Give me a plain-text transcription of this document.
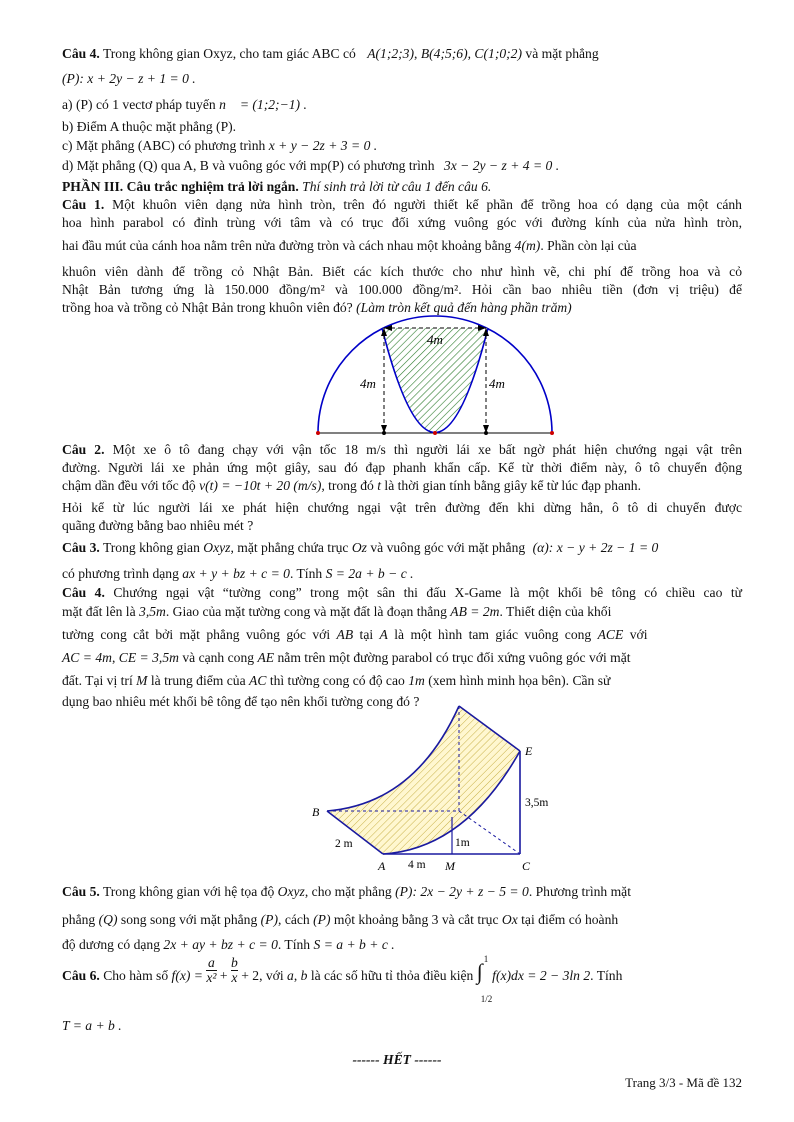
Câu 4. Trong không gian Oxyz, cho tam giác ABC có A(1;2;3), B(4;5;6), C(1;0;2) và mặt phẳng
(P): x + 2y − z + 1 = 0 .
a) (P) có 1 vectơ pháp tuyến n⃗ = (1;2;−1) .
b) Điểm A thuộc mặt phẳng (P).
c) Mặt phẳng (ABC) có phương trình x + y − 2z + 3 = 0 .
d) Mặt phẳng (Q) qua A, B và vuông góc với mp(P) có phương trình 3x − 2y − z + 4 = 0 .
PHẦN III. Câu trắc nghiệm trả lời ngắn. Thí sinh trả lời từ câu 1 đến câu 6.
Câu 1. Một khuôn viên dạng nửa hình tròn, trên đó người thiết kế phần để trồng hoa có dạng của một cánh
hoa hình parabol có đỉnh trùng với tâm và có trục đối xứng vuông góc với đường kính của nửa hình tròn,
hai đầu mút của cánh hoa nằm trên nửa đường tròn và cách nhau một khoảng bằng 4(m). Phần còn lại của
khuôn viên dành để trồng cỏ Nhật Bản. Biết các kích thước cho như hình vẽ, chi phí để trồng hoa và cỏ
Nhật Bản tương ứng là 150.000 đồng/m² và 100.000 đồng/m². Hỏi cần bao nhiêu tiền (đơn vị triệu) để
trồng hoa và trồng cỏ Nhật Bản trong khuôn viên đó? (Làm tròn kết quả đến hàng phần trăm)
4m
4m	4m
Câu 2. Một xe ô tô đang chạy với vận tốc 18 m/s thì người lái xe bất ngờ phát hiện chướng ngại vật trên
đường. Người lái xe phản ứng một giây, sau đó đạp phanh khẩn cấp. Kể từ thời điểm này, ô tô chuyển động
chậm dần đều với tốc độ v(t) = −10t + 20 (m/s), trong đó t là thời gian tính bằng giây kể từ lúc đạp phanh.
Hỏi kể từ lúc người lái xe phát hiện chướng ngại vật trên đường đến khi dừng hẳn, ô tô di chuyển được
quãng đường bằng bao nhiêu mét ?
Câu 3. Trong không gian Oxyz, mặt phẳng chứa trục Oz và vuông góc với mặt phẳng (α): x − y + 2z − 1 = 0
có phương trình dạng ax + y + bz + c = 0. Tính S = 2a + b − c .
Câu 4. Chướng ngại vật “tường cong” trong một sân thi đấu X-Game là một khối bê tông có chiều cao từ
mặt đất lên là 3,5m. Giao của mặt tường cong và mặt đất là đoạn thẳng AB = 2m. Thiết diện của khối
tường cong cắt bởi mặt phẳng vuông góc với AB tại A là một hình tam giác vuông cong ACE với
AC = 4m, CE = 3,5m và cạnh cong AE nằm trên một đường parabol có trục đối xứng vuông góc với mặt
đất. Tại vị trí M là trung điểm của AC thì tường cong có độ cao 1m (xem hình minh họa bên). Cần sử
dụng bao nhiêu mét khối bê tông để tạo nên khối tường cong đó ?
B
E
A	M	C
2 m
4 m
1m
3,5m
Câu 5. Trong không gian với hệ tọa độ Oxyz, cho mặt phẳng (P): 2x − 2y + z − 5 = 0. Phương trình mặt
phẳng (Q) song song với mặt phẳng (P), cách (P) một khoảng bằng 3 và cắt trục Ox tại điểm có hoành
độ dương có dạng 2x + ay + bz + c = 0. Tính S = a + b + c .
Câu 6. Cho hàm số $f(x) = \frac{a}{\text{x²}} + \frac{b}{x} + 2$, với a, b là các số hữu tỉ thỏa điều kiện ∫ 1
1/2
f(x)dx = 2 − 3ln 2. Tính
T = a + b .
------ HẾT ------
Trang 3/3 - Mã đề 132
